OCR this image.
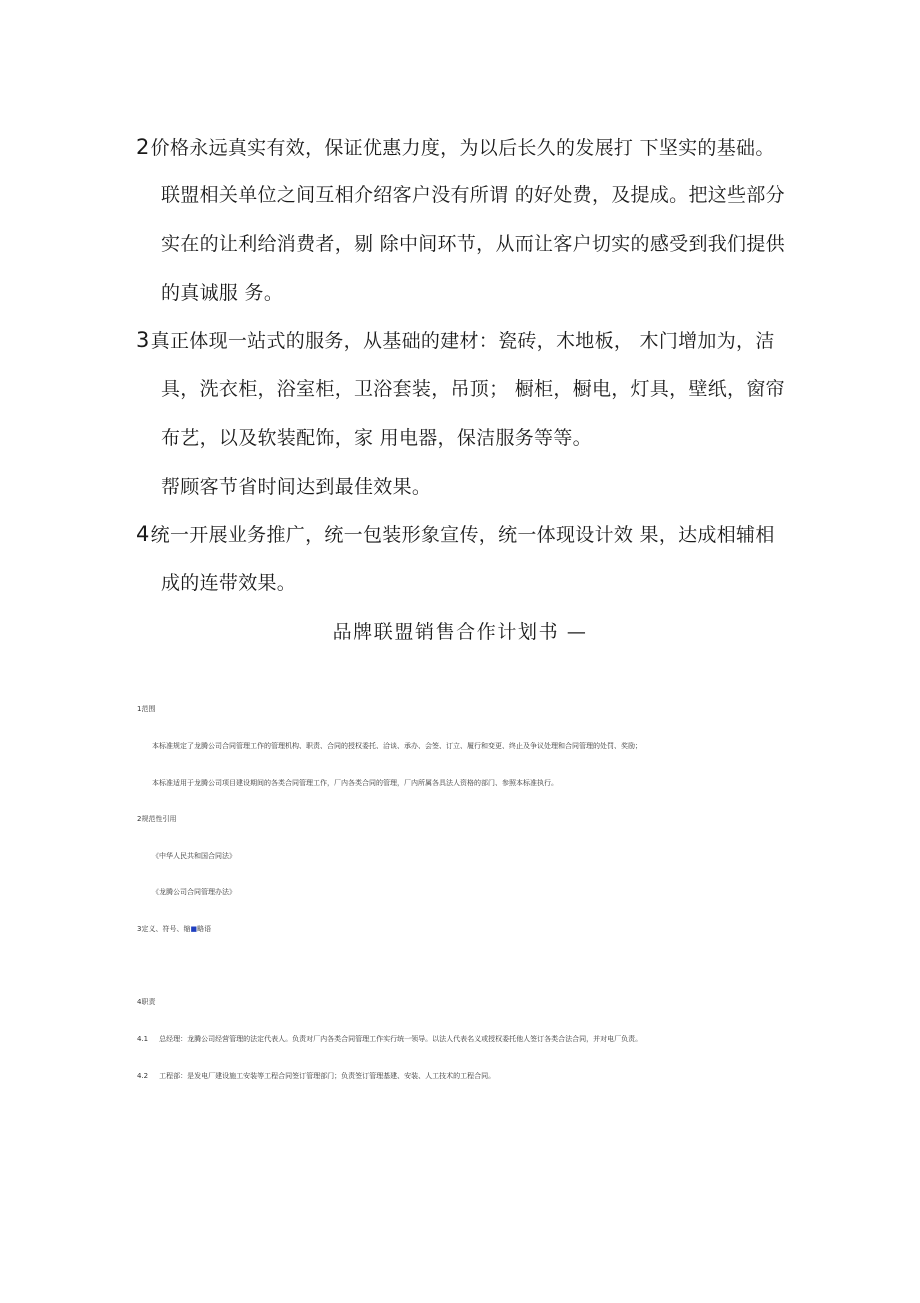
2价格永远真实有效，保证优惠力度，为以后长久的发展打 下坚实的基础。
联盟相关单位之间互相介绍客户没有所谓 的好处费，及提成。把这些部分
实在的让利给消费者，剔 除中间环节，从而让客户切实的感受到我们提供
的真诚服 务。
3真正体现一站式的服务，从基础的建材：瓷砖，木地板， 木门增加为，洁
具，洗衣柜，浴室柜，卫浴套装，吊顶； 橱柜，橱电，灯具，壁纸，窗帘
布艺，以及软装配饰，家 用电器，保洁服务等等。
帮顾客节省时间达到最佳效果。
4统一开展业务推广，统一包装形象宣传，统一体现设计效 果，达成相辅相
成的连带效果。
品牌联盟销售合作计划书 —
1范围
本标准规定了龙腾公司合同管理工作的管理机构、职责、合同的授权委托、洽谈、承办、会签、订立、履行和变更、终止及争议处理和合同管理的处罚、奖励；
本标准适用于龙腾公司项目建设期间的各类合同管理工作，厂内各类合同的管理，厂内所属各具法人资格的部门、参照本标准执行。
2规范性引用
《中华人民共和国合同法》
《龙腾公司合同管理办法》
3定义、符号、缩■略语
4职责
4.1 总经理：龙腾公司经营管理的法定代表人。负责对厂内各类合同管理工作实行统一领导。以法人代表名义或授权委托他人签订各类合法合同，并对电厂负责。
4.2 工程部：是发电厂建设施工安装等工程合同签订管理部门；负责签订管理基建、安装、人工技术的工程合同。
